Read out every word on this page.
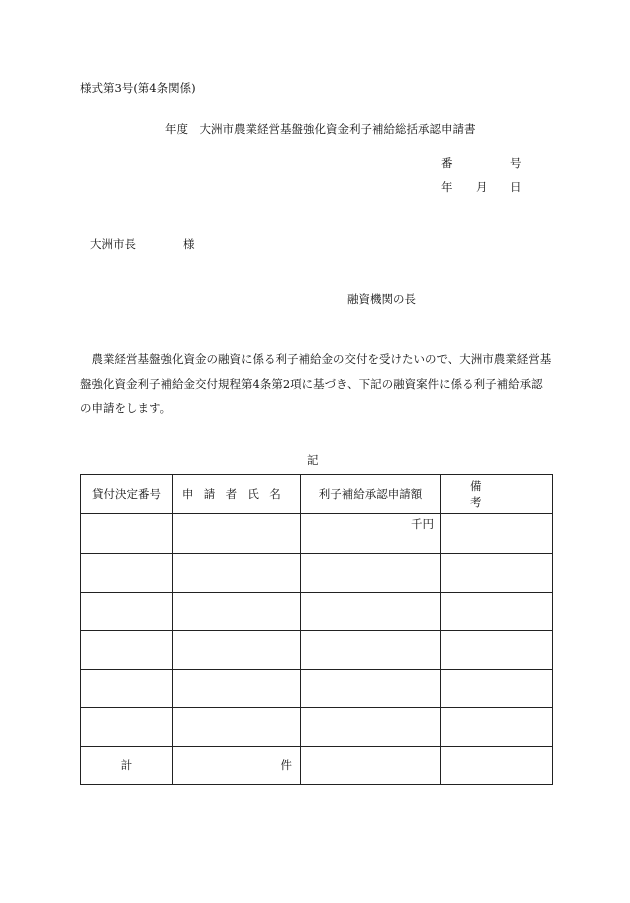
様式第3号(第4条関係)
年度　大洲市農業経営基盤強化資金利子補給総括承認申請書
番	号
年 月 日
大洲市長	様
融資機関の長
農業経営基盤強化資金の融資に係る利子補給金の交付を受けたいので、大洲市農業経営基盤強化資金利子補給金交付規程第4条第2項に基づき、下記の融資案件に係る利子補給承認の申請をします。
記
貸付決定番号	申請者氏名	利子補給承認申請額	備考
		千円	

計	件		
